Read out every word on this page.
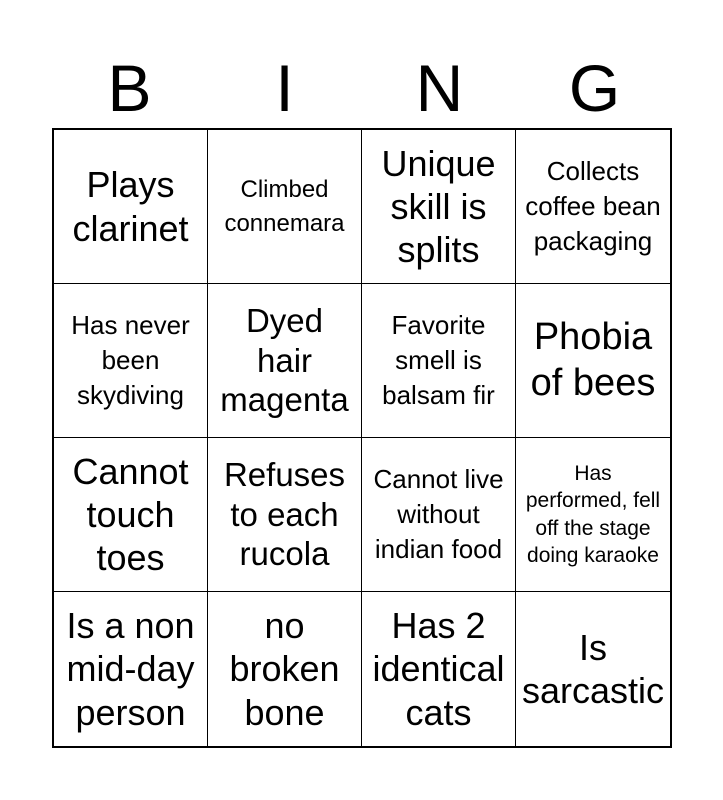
B	I	N	G
Plays clarinet
Climbed connemara
Unique skill is splits
Collects coffee bean packaging
Has never been skydiving
Dyed hair magenta
Favorite smell is balsam fir
Phobia of bees
Cannot touch toes
Refuses to each rucola
Cannot live without indian food
Has performed, fell off the stage doing karaoke
Is a non mid-day person
no broken bone
Has 2 identical cats
Is sarcastic
